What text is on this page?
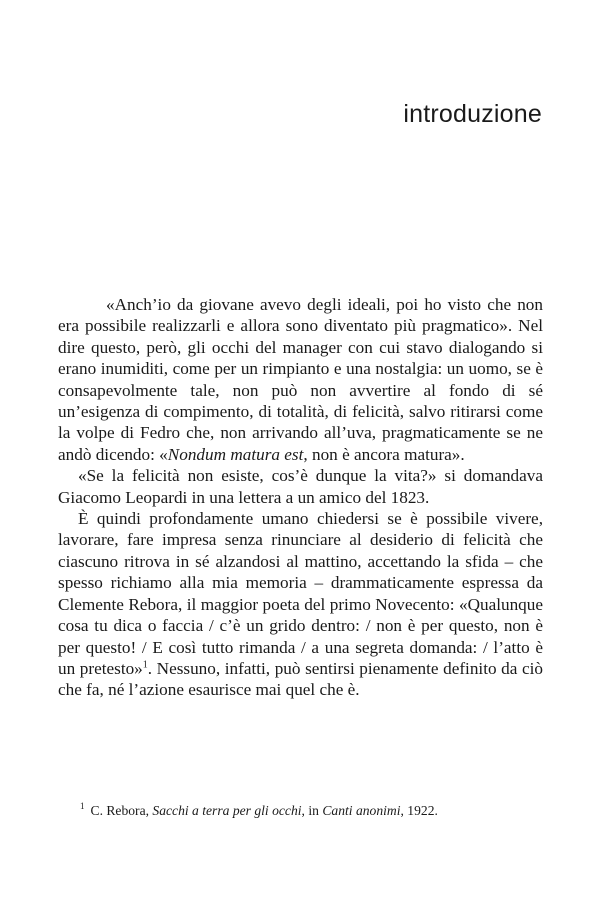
introduzione

«Anch’io da giovane avevo degli ideali, poi ho visto che non era possibile realizzarli e allora sono diventato più pragmatico». Nel dire questo, però, gli occhi del manager con cui stavo dialogando si erano inumiditi, come per un rimpianto e una nostalgia: un uomo, se è consapevolmente tale, non può non avvertire al fondo di sé un’esigenza di compimento, di totalità, di felicità, salvo ritirarsi come la volpe di Fedro che, non arrivando all’uva, pragmaticamente se ne andò dicendo: «Nondum matura est, non è ancora matura».

«Se la felicità non esiste, cos’è dunque la vita?» si domandava Giacomo Leopardi in una lettera a un amico del 1823.

È quindi profondamente umano chiedersi se è possibile vivere, lavorare, fare impresa senza rinunciare al desiderio di felicità che ciascuno ritrova in sé alzandosi al mattino, accettando la sfida – che spesso richiamo alla mia memoria – drammaticamente espressa da Clemente Rebora, il maggior poeta del primo Novecento: «Qualunque cosa tu dica o faccia / c’è un grido dentro: / non è per questo, non è per questo! / E così tutto rimanda / a una segreta domanda: / l’atto è un pretesto»$^1$. Nessuno, infatti, può sentirsi pienamente definito da ciò che fa, né l’azione esaurisce mai quel che è.

$^1$ C. Rebora, Sacchi a terra per gli occhi, in Canti anonimi, 1922.
